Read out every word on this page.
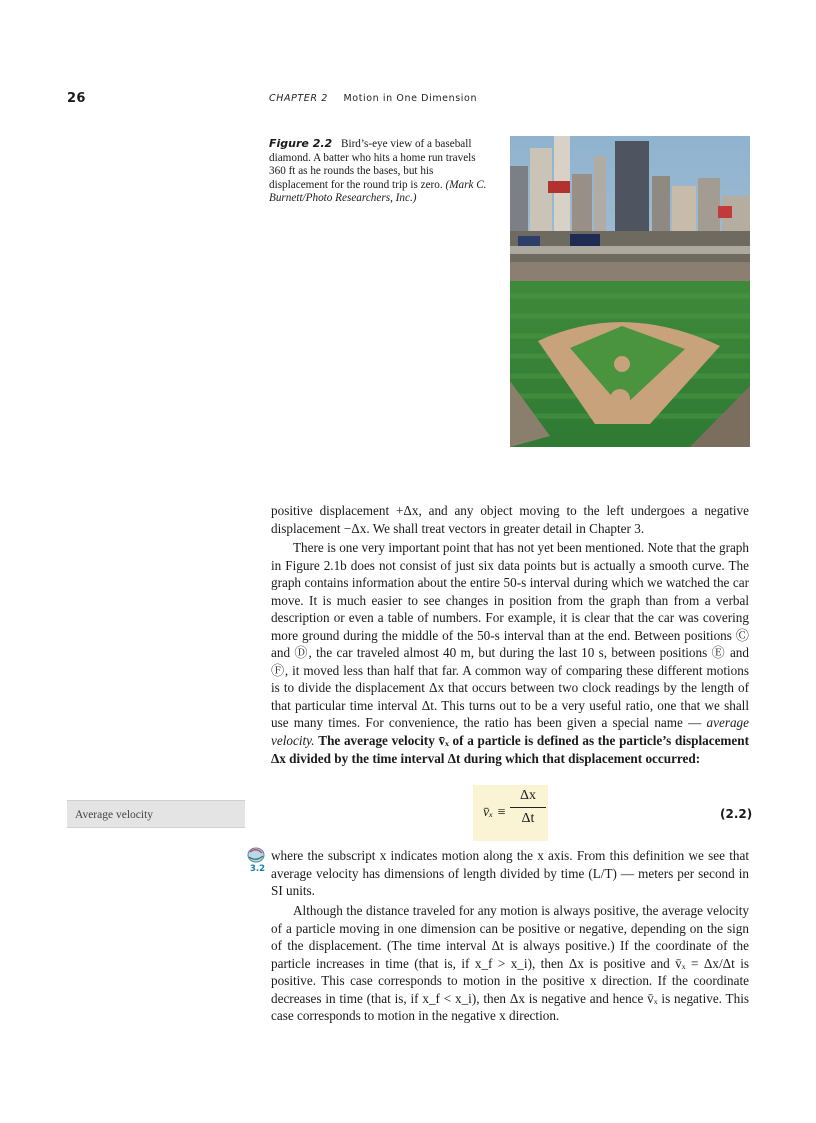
26	CHAPTER 2 Motion in One Dimension
Figure 2.2 Bird’s-eye view of a baseball diamond. A batter who hits a home run travels 360 ft as he rounds the bases, but his displacement for the round trip is zero. (Mark C. Burnett/Photo Researchers, Inc.)

positive displacement +Δx, and any object moving to the left undergoes a negative displacement −Δx. We shall treat vectors in greater detail in Chapter 3.

There is one very important point that has not yet been mentioned. Note that the graph in Figure 2.1b does not consist of just six data points but is actually a smooth curve. The graph contains information about the entire 50-s interval during which we watched the car move. It is much easier to see changes in position from the graph than from a verbal description or even a table of numbers. For example, it is clear that the car was covering more ground during the middle of the 50-s interval than at the end. Between positions Ⓒ and Ⓓ, the car traveled almost 40 m, but during the last 10 s, between positions Ⓔ and Ⓕ, it moved less than half that far. A common way of comparing these different motions is to divide the displacement Δx that occurs between two clock readings by the length of that particular time interval Δt. This turns out to be a very useful ratio, one that we shall use many times. For convenience, the ratio has been given a special name — average velocity. The average velocity v̄ₓ of a particle is defined as the particle’s displacement Δx divided by the time interval Δt during which that displacement occurred:

Average velocity	v̄ₓ ≡ $\frac{\Delta x}{\Delta t}$	(2.2)
3.2

where the subscript x indicates motion along the x axis. From this definition we see that average velocity has dimensions of length divided by time (L/T) — meters per second in SI units.

Although the distance traveled for any motion is always positive, the average velocity of a particle moving in one dimension can be positive or negative, depending on the sign of the displacement. (The time interval Δt is always positive.) If the coordinate of the particle increases in time (that is, if x_f > x_i), then Δx is positive and v̄ₓ = Δx/Δt is positive. This case corresponds to motion in the positive x direction. If the coordinate decreases in time (that is, if x_f < x_i), then Δx is negative and hence v̄ₓ is negative. This case corresponds to motion in the negative x direction.
